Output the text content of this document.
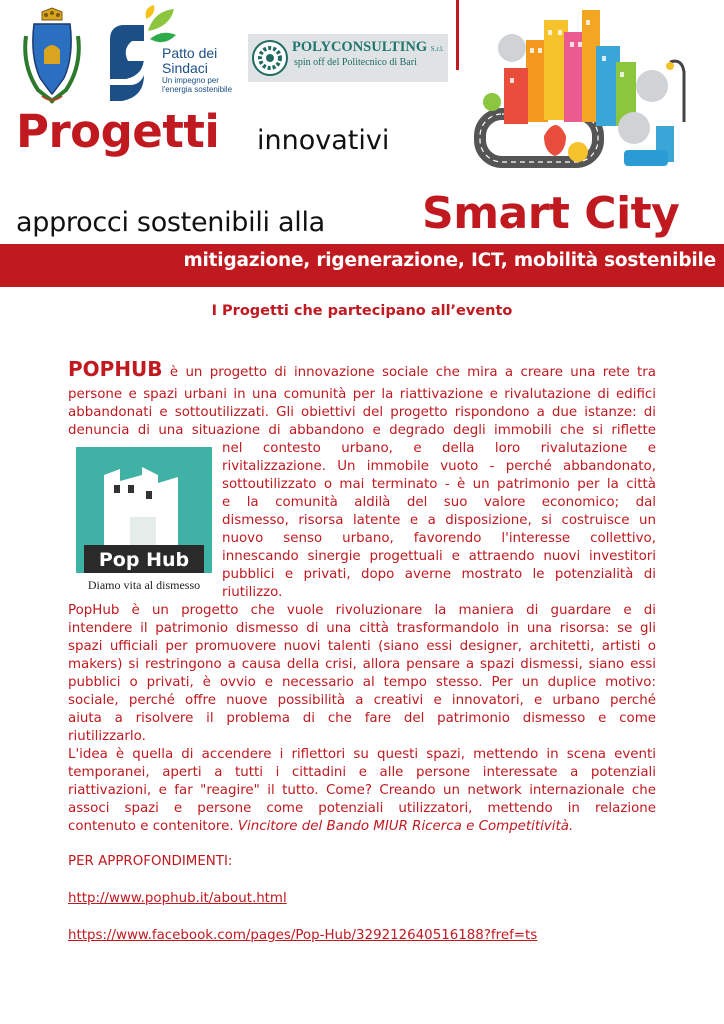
Patto dei
Sindaci
Un impegno per
l'energia sostenibile
POLYCONSULTING S.r.l.
spin off del Politecnico di Bari
Progetti innovativi
approcci sostenibili alla Smart City
mitigazione, rigenerazione, ICT, mobilità sostenibile
I Progetti che partecipano all’evento
Pop Hub
Diamo vita al dismesso
POPHUB è un progetto di innovazione sociale che mira a creare una rete tra
persone e spazi urbani in una comunità per la riattivazione e rivalutazione di edifici
abbandonati e sottoutilizzati. Gli obiettivi del progetto rispondono a due istanze: di
denuncia di una situazione di abbandono e degrado degli immobili che si riflette
nel contesto urbano, e della loro rivalutazione e
rivitalizzazione. Un immobile vuoto - perché abbandonato,
sottoutilizzato o mai terminato - è un patrimonio per la città
e la comunità aldilà del suo valore economico; dal
dismesso, risorsa latente e a disposizione, si costruisce un
nuovo senso urbano, favorendo l'interesse collettivo,
innescando sinergie progettuali e attraendo nuovi investitori
pubblici e privati, dopo averne mostrato le potenzialità di
riutilizzo.
PopHub è un progetto che vuole rivoluzionare la maniera di guardare e di
intendere il patrimonio dismesso di una città trasformandolo in una risorsa: se gli
spazi ufficiali per promuovere nuovi talenti (siano essi designer, architetti, artisti o
makers) si restringono a causa della crisi, allora pensare a spazi dismessi, siano essi
pubblici o privati, è ovvio e necessario al tempo stesso. Per un duplice motivo:
sociale, perché offre nuove possibilità a creativi e innovatori, e urbano perché
aiuta a risolvere il problema di che fare del patrimonio dismesso e come
riutilizzarlo.
L'idea è quella di accendere i riflettori su questi spazi, mettendo in scena eventi
temporanei, aperti a tutti i cittadini e alle persone interessate a potenziali
riattivazioni, e far "reagire" il tutto. Come? Creando un network internazionale che
associ spazi e persone come potenziali utilizzatori, mettendo in relazione
contenuto e contenitore. Vincitore del Bando MIUR Ricerca e Competitività.
PER APPROFONDIMENTI:
http://www.pophub.it/about.html
https://www.facebook.com/pages/Pop-Hub/329212640516188?fref=ts
